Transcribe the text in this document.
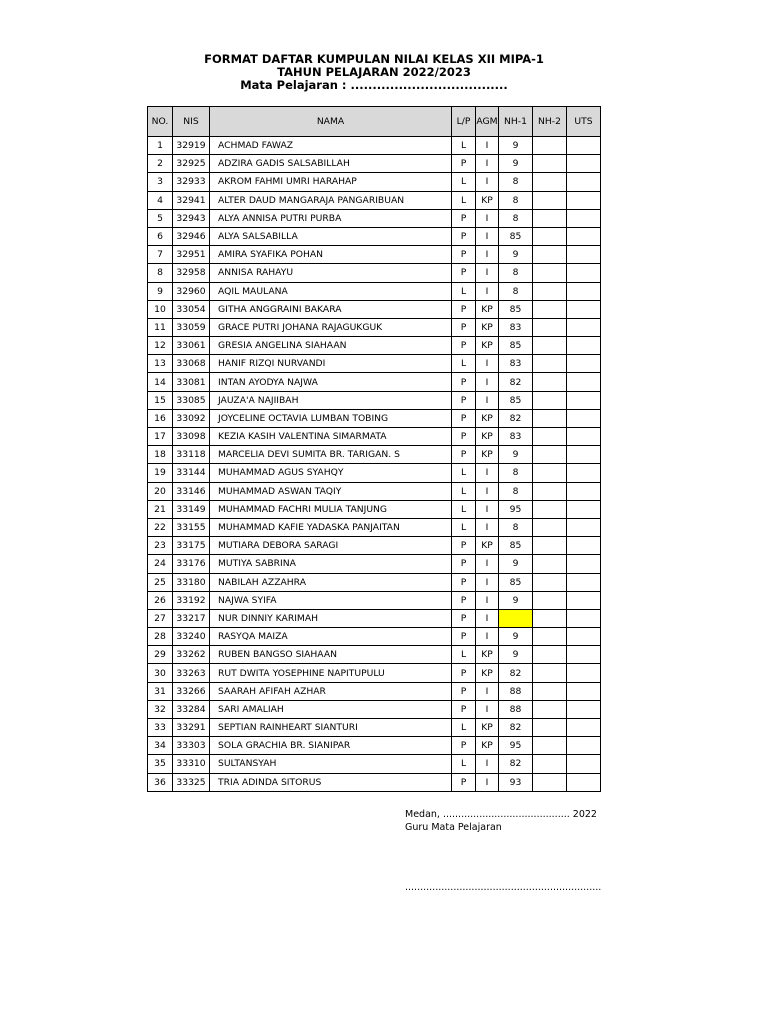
FORMAT DAFTAR KUMPULAN NILAI KELAS XII MIPA-1
TAHUN PELAJARAN 2022/2023
Mata Pelajaran : ....................................
NO.	NIS	NAMA	L/P	AGM	NH-1	NH-2	UTS
1	32919	ACHMAD FAWAZ	L	I	9		
2	32925	ADZIRA GADIS SALSABILLAH	P	I	9		
3	32933	AKROM FAHMI UMRI HARAHAP	L	I	8		
4	32941	ALTER DAUD MANGARAJA PANGARIBUAN	L	KP	8		
5	32943	ALYA ANNISA PUTRI PURBA	P	I	8		
6	32946	ALYA SALSABILLA	P	I	85		
7	32951	AMIRA SYAFIKA POHAN	P	I	9		
8	32958	ANNISA RAHAYU	P	I	8		
9	32960	AQIL MAULANA	L	I	8		
10	33054	GITHA ANGGRAINI BAKARA	P	KP	85		
11	33059	GRACE PUTRI JOHANA RAJAGUKGUK	P	KP	83		
12	33061	GRESIA ANGELINA SIAHAAN	P	KP	85		
13	33068	HANIF RIZQI NURVANDI	L	I	83		
14	33081	INTAN AYODYA NAJWA	P	I	82		
15	33085	JAUZA'A NAJIIBAH	P	I	85		
16	33092	JOYCELINE OCTAVIA LUMBAN TOBING	P	KP	82		
17	33098	KEZIA KASIH VALENTINA SIMARMATA	P	KP	83		
18	33118	MARCELIA DEVI SUMITA BR. TARIGAN. S	P	KP	9		
19	33144	MUHAMMAD AGUS SYAHQY	L	I	8		
20	33146	MUHAMMAD ASWAN TAQIY	L	I	8		
21	33149	MUHAMMAD FACHRI MULIA TANJUNG	L	I	95		
22	33155	MUHAMMAD KAFIE YADASKA PANJAITAN	L	I	8		
23	33175	MUTIARA DEBORA SARAGI	P	KP	85		
24	33176	MUTIYA SABRINA	P	I	9		
25	33180	NABILAH AZZAHRA	P	I	85		
26	33192	NAJWA SYIFA	P	I	9		
27	33217	NUR DINNIY KARIMAH	P	I			
28	33240	RASYQA MAIZA	P	I	9		
29	33262	RUBEN BANGSO SIAHAAN	L	KP	9		
30	33263	RUT DWITA YOSEPHINE NAPITUPULU	P	KP	82		
31	33266	SAARAH AFIFAH AZHAR	P	I	88		
32	33284	SARI AMALIAH	P	I	88		
33	33291	SEPTIAN RAINHEART SIANTURI	L	KP	82		
34	33303	SOLA GRACHIA BR. SIANIPAR	P	KP	95		
35	33310	SULTANSYAH	L	I	82		
36	33325	TRIA ADINDA SITORUS	P	I	93		
Medan, .......................................... 2022
Guru Mata Pelajaran
.................................................................
